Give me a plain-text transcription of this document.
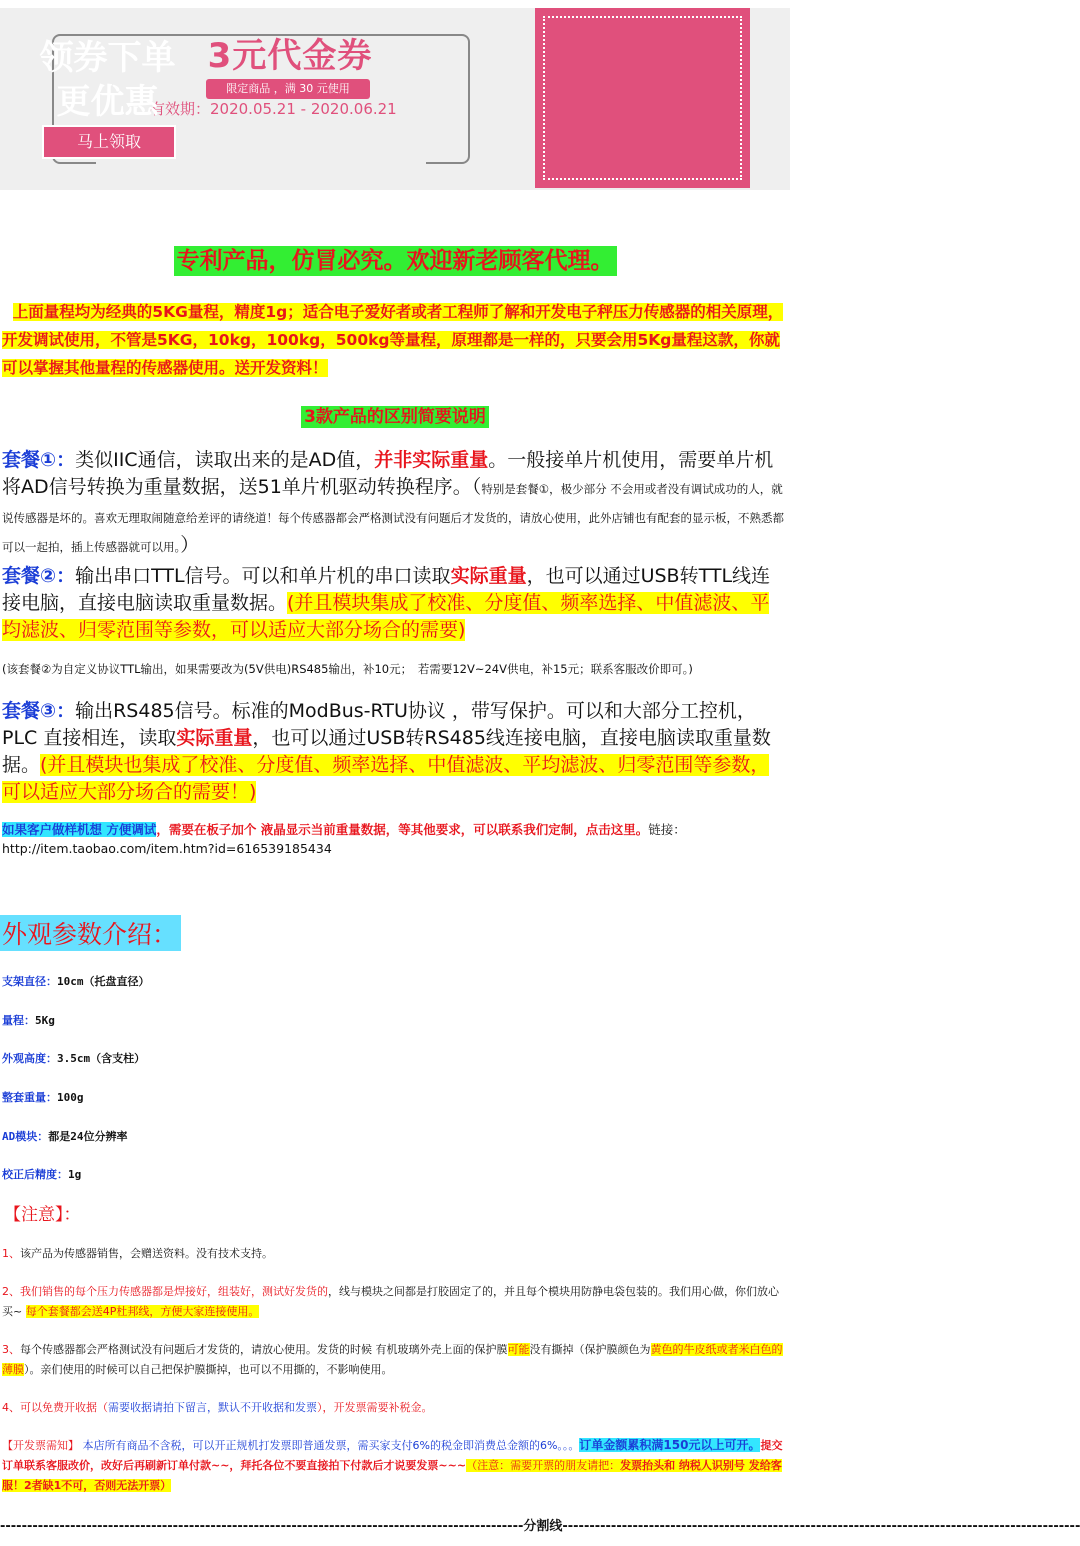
3元代金券
限定商品 ，满 30 元使用
有效期：2020.05.21 - 2020.06.21
领券下单
更优惠
马上领取
专利产品，仿冒必究。欢迎新老顾客代理。
上面量程均为经典的5KG量程，精度1g；适合电子爱好者或者工程师了解和开发电子秤压力传感器的相关原理，开发调试使用，不管是5KG，10kg，100kg，500kg等量程，原理都是一样的，只要会用5Kg量程这款，你就可以掌握其他量程的传感器使用。送开发资料！
3款产品的区别简要说明
套餐①：类似IIC通信，读取出来的是AD值，并非实际重量。一般接单片机使用，需要单片机将AD信号转换为重量数据，送51单片机驱动转换程序。（特别是套餐①，极少部分 不会用或者没有调试成功的人，就说传感器是坏的。喜欢无理取闹随意给差评的请绕道！每个传感器都会严格测试没有问题后才发货的，请放心使用，此外店铺也有配套的显示板，不熟悉都可以一起拍，插上传感器就可以用。）
套餐②：输出串口TTL信号。可以和单片机的串口读取实际重量，也可以通过USB转TTL线连接电脑，直接电脑读取重量数据。(并且模块集成了校准、分度值、频率选择、中值滤波、平均滤波、归零范围等参数，可以适应大部分场合的需要)
(该套餐②为自定义协议TTL输出，如果需要改为(5V供电)RS485输出，补10元；　若需要12V~24V供电，补15元；联系客服改价即可。)
套餐③：输出RS485信号。标准的ModBus-RTU协议 ，带写保护。可以和大部分工控机，PLC 直接相连，读取实际重量，也可以通过USB转RS485线连接电脑，直接电脑读取重量数据。(并且模块也集成了校准、分度值、频率选择、中值滤波、平均滤波、归零范围等参数，可以适应大部分场合的需要！)
如果客户做样机想 方便调试，需要在板子加个 液晶显示当前重量数据，等其他要求，可以联系我们定制，点击这里。链接： http://item.taobao.com/item.htm?id=616539185434
外观参数介绍：
支架直径：10cm（托盘直径）
量程：5Kg
外观高度：3.5cm（含支柱）
整套重量：100g
AD模块：都是24位分辨率
校正后精度：1g
【注意】：
1、该产品为传感器销售，会赠送资料。没有技术支持。
2、我们销售的每个压力传感器都是焊接好，组装好，测试好发货的，线与模块之间都是打胶固定了的，并且每个模块用防静电袋包装的。我们用心做，你们放心买~ 每个套餐都会送4P杜邦线，方便大家连接使用。
3、每个传感器都会严格测试没有问题后才发货的，请放心使用。发货的时候 有机玻璃外壳上面的保护膜可能没有撕掉（保护膜颜色为黄色的牛皮纸或者米白色的薄膜）。亲们使用的时候可以自己把保护膜撕掉，也可以不用撕的，不影响使用。
4、可以免费开收据（需要收据请拍下留言，默认不开收据和发票），开发票需要补税金。
【开发票需知】 本店所有商品不含税，可以开正规机打发票即普通发票，需买家支付6%的税金即消费总金额的6%。。。订单金额累积满150元以上可开。提交订单联系客服改价，改好后再刷新订单付款~~，拜托各位不要直接拍下付款后才说要发票~~~（注意：需要开票的朋友请把：发票抬头和 纳税人识别号 发给客服！2者缺1不可，否则无法开票）
-------------------------------------------------------------------------------------------------分割线------------------------------------------------------------------------------------------------
